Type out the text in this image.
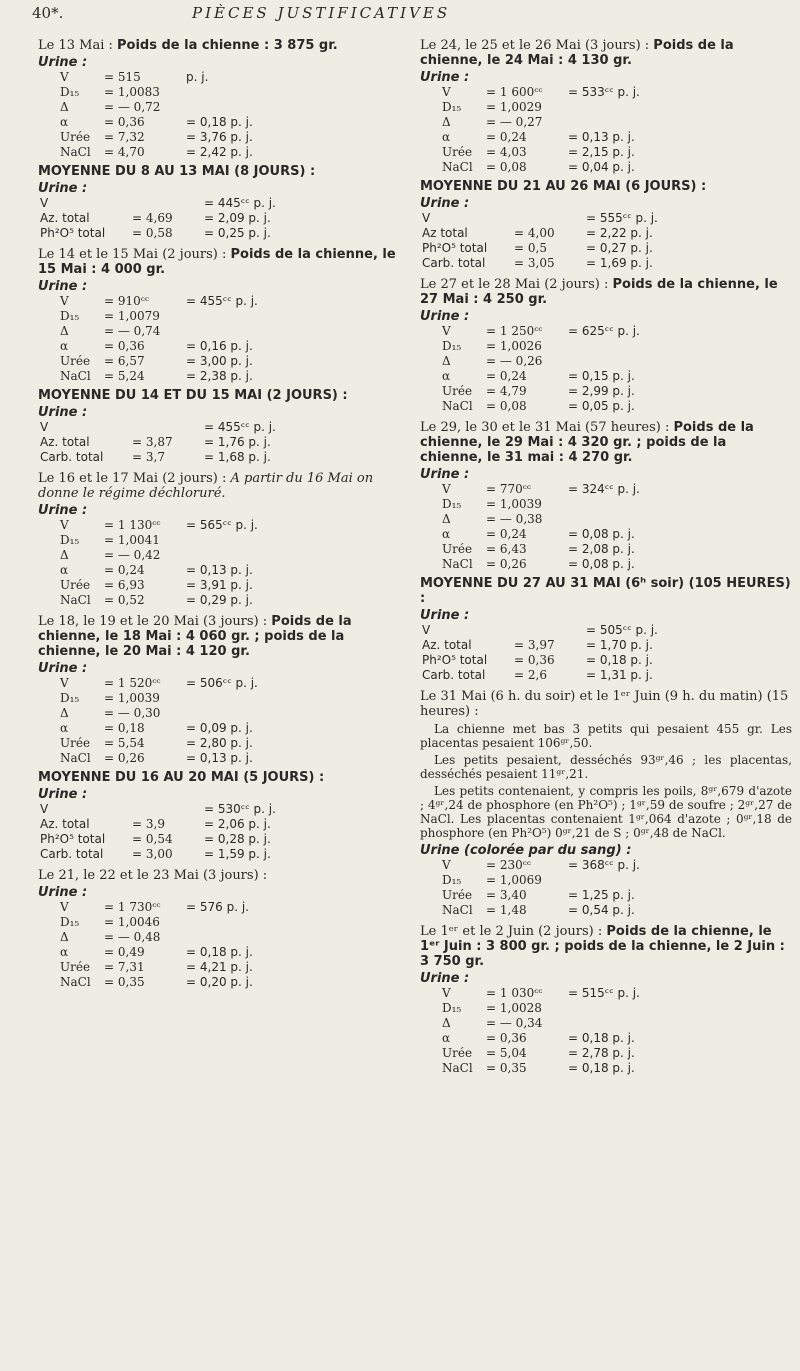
40*.	PIÈCES JUSTIFICATIVES
Le 13 Mai : Poids de la chienne : 3 875 gr.
Urine :
V	= 515	p. j.
D₁₅	= 1,0083	
Δ	= — 0,72	
α	= 0,36	= 0,18 p. j.
Urée	= 7,32	= 3,76 p. j.
NaCl	= 4,70	= 2,42 p. j.
MOYENNE DU 8 AU 13 MAI (8 JOURS) :
Urine :
V		= 445ᶜᶜ p. j.
Az. total	= 4,69	= 2,09 p. j.
Ph²O⁵ total	= 0,58	= 0,25 p. j.
Le 14 et le 15 Mai (2 jours) : Poids de la chienne, le 15 Mai : 4 000 gr.
Urine :
V	= 910ᶜᶜ	= 455ᶜᶜ p. j.
D₁₅	= 1,0079	
Δ	= — 0,74	
α	= 0,36	= 0,16 p. j.
Urée	= 6,57	= 3,00 p. j.
NaCl	= 5,24	= 2,38 p. j.
MOYENNE DU 14 ET DU 15 MAI (2 JOURS) :
Urine :
V		= 455ᶜᶜ p. j.
Az. total	= 3,87	= 1,76 p. j.
Carb. total	= 3,7	= 1,68 p. j.
Le 16 et le 17 Mai (2 jours) : A partir du 16 Mai on donne le régime déchloruré.
Urine :
V	= 1 130ᶜᶜ	= 565ᶜᶜ p. j.
D₁₅	= 1,0041	
Δ	= — 0,42	
α	= 0,24	= 0,13 p. j.
Urée	= 6,93	= 3,91 p. j.
NaCl	= 0,52	= 0,29 p. j.
Le 18, le 19 et le 20 Mai (3 jours) : Poids de la chienne, le 18 Mai : 4 060 gr. ; poids de la chienne, le 20 Mai : 4 120 gr.
Urine :
V	= 1 520ᶜᶜ	= 506ᶜᶜ p. j.
D₁₅	= 1,0039	
Δ	= — 0,30	
α	= 0,18	= 0,09 p. j.
Urée	= 5,54	= 2,80 p. j.
NaCl	= 0,26	= 0,13 p. j.
MOYENNE DU 16 AU 20 MAI (5 JOURS) :
Urine :
V		= 530ᶜᶜ p. j.
Az. total	= 3,9	= 2,06 p. j.
Ph²O⁵ total	= 0,54	= 0,28 p. j.
Carb. total	= 3,00	= 1,59 p. j.
Le 21, le 22 et le 23 Mai (3 jours) :
Urine :
V	= 1 730ᶜᶜ	= 576 p. j.
D₁₅	= 1,0046	
Δ	= — 0,48	
α	= 0,49	= 0,18 p. j.
Urée	= 7,31	= 4,21 p. j.
NaCl	= 0,35	= 0,20 p. j.
Le 24, le 25 et le 26 Mai (3 jours) : Poids de la chienne, le 24 Mai : 4 130 gr.
Urine :
V	= 1 600ᶜᶜ	= 533ᶜᶜ p. j.
D₁₅	= 1,0029	
Δ	= — 0,27	
α	= 0,24	= 0,13 p. j.
Urée	= 4,03	= 2,15 p. j.
NaCl	= 0,08	= 0,04 p. j.
MOYENNE DU 21 AU 26 MAI (6 JOURS) :
Urine :
V		= 555ᶜᶜ p. j.
Az total	= 4,00	= 2,22 p. j.
Ph²O⁵ total	= 0,5	= 0,27 p. j.
Carb. total	= 3,05	= 1,69 p. j.
Le 27 et le 28 Mai (2 jours) : Poids de la chienne, le 27 Mai : 4 250 gr.
Urine :
V	= 1 250ᶜᶜ	= 625ᶜᶜ p. j.
D₁₅	= 1,0026	
Δ	= — 0,26	
α	= 0,24	= 0,15 p. j.
Urée	= 4,79	= 2,99 p. j.
NaCl	= 0,08	= 0,05 p. j.
Le 29, le 30 et le 31 Mai (57 heures) : Poids de la chienne, le 29 Mai : 4 320 gr. ; poids de la chienne, le 31 mai : 4 270 gr.
Urine :
V	= 770ᶜᶜ	= 324ᶜᶜ p. j.
D₁₅	= 1,0039	
Δ	= — 0,38	
α	= 0,24	= 0,08 p. j.
Urée	= 6,43	= 2,08 p. j.
NaCl	= 0,26	= 0,08 p. j.
MOYENNE DU 27 AU 31 MAI (6ʰ soir) (105 HEURES) :
Urine :
V		= 505ᶜᶜ p. j.
Az. total	= 3,97	= 1,70 p. j.
Ph²O⁵ total	= 0,36	= 0,18 p. j.
Carb. total	= 2,6	= 1,31 p. j.
Le 31 Mai (6 h. du soir) et le 1ᵉʳ Juin (9 h. du matin) (15 heures) :

La chienne met bas 3 petits qui pesaient 455 gr. Les placentas pesaient 106ᵍʳ,50.

Les petits pesaient, desséchés 93ᵍʳ,46 ; les placentas, desséchés pesaient 11ᵍʳ,21.

Les petits contenaient, y compris les poils, 8ᵍʳ,679 d'azote ; 4ᵍʳ,24 de phosphore (en Ph²O⁵) ; 1ᵍʳ,59 de soufre ; 2ᵍʳ,27 de NaCl. Les placentas contenaient 1ᵍʳ,064 d'azote ; 0ᵍʳ,18 de phosphore (en Ph²O⁵) 0ᵍʳ,21 de S ; 0ᵍʳ,48 de NaCl.

Urine (colorée par du sang) :
V	= 230ᶜᶜ	= 368ᶜᶜ p. j.
D₁₅	= 1,0069	
Urée	= 3,40	= 1,25 p. j.
NaCl	= 1,48	= 0,54 p. j.
Le 1ᵉʳ et le 2 Juin (2 jours) : Poids de la chienne, le 1ᵉʳ Juin : 3 800 gr. ; poids de la chienne, le 2 Juin : 3 750 gr.
Urine :
V	= 1 030ᶜᶜ	= 515ᶜᶜ p. j.
D₁₅	= 1,0028	
Δ	= — 0,34	
α	= 0,36	= 0,18 p. j.
Urée	= 5,04	= 2,78 p. j.
NaCl	= 0,35	= 0,18 p. j.
